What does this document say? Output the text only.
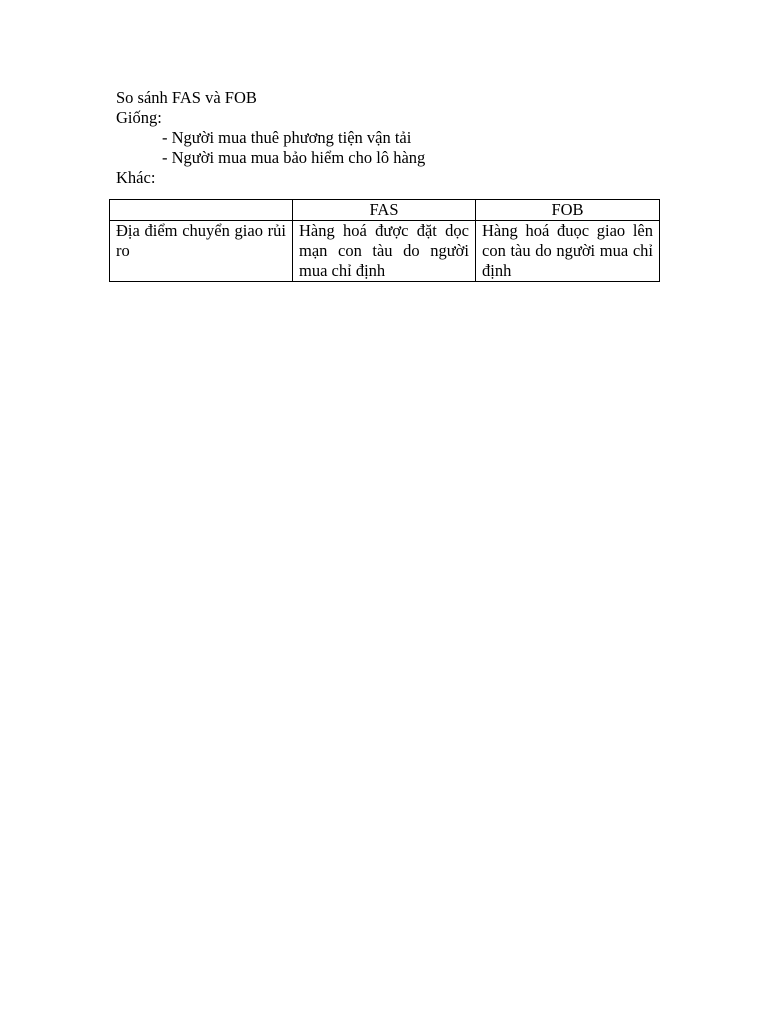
So sánh FAS và FOB
Giống:
- Người mua thuê phương tiện vận tải
- Người mua mua bảo hiểm cho lô hàng
Khác:
	FAS	FOB
Địa điểm chuyển giao rủi ro	Hàng hoá được đặt dọc mạn con tàu do người mua chỉ định	Hàng hoá đuọc giao lên con tàu do người mua chỉ định
